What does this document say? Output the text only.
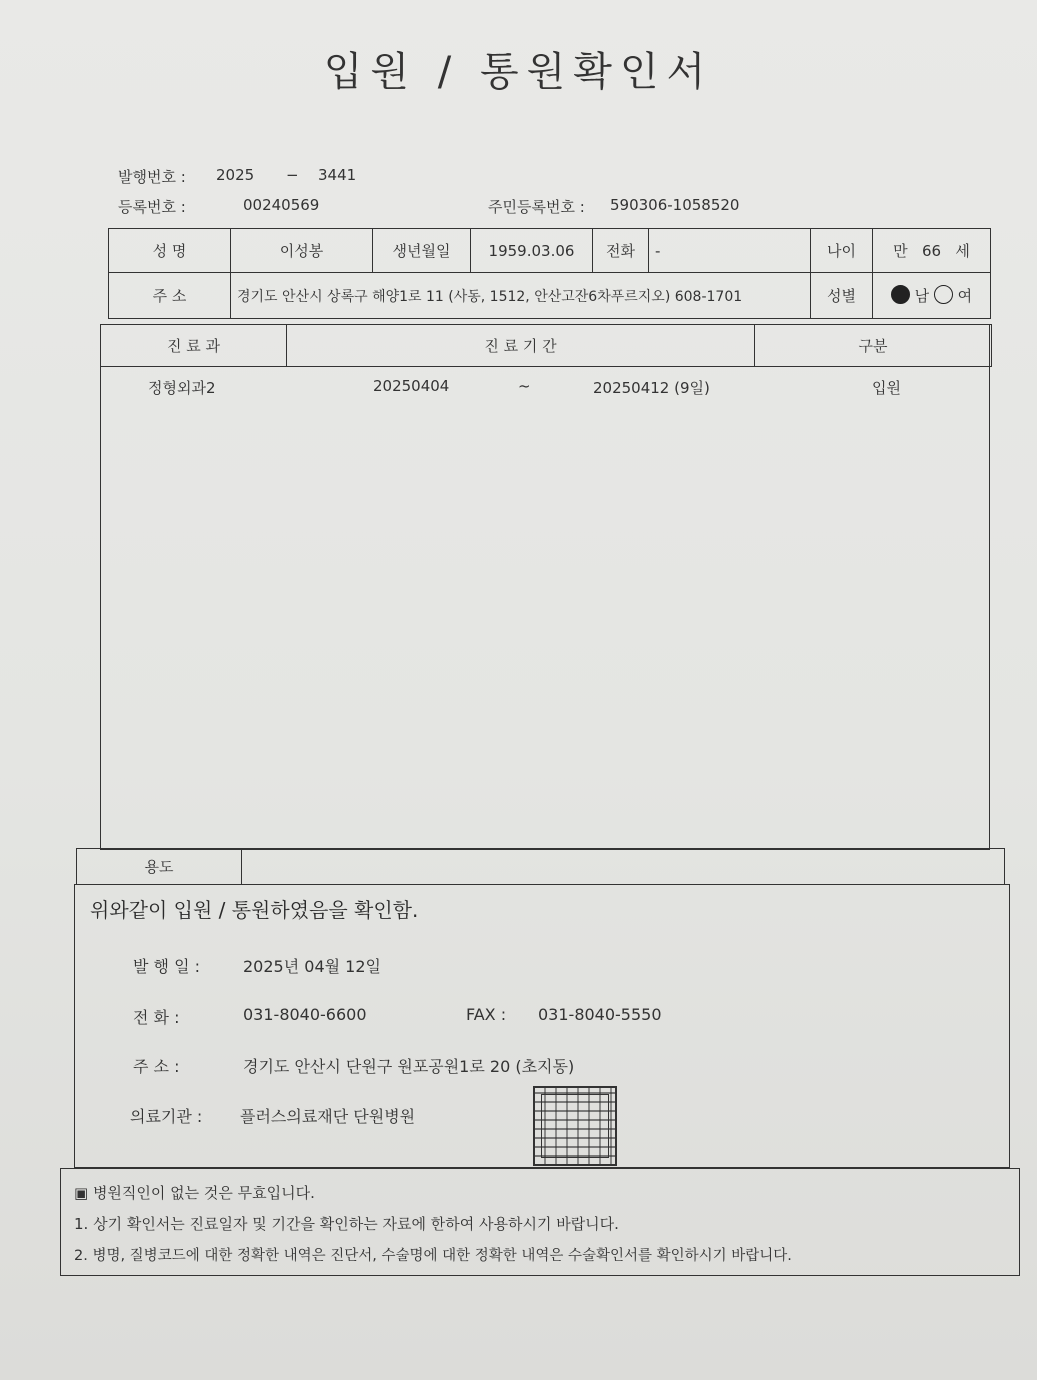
입원 / 통원확인서
발행번호 : 2025 − 3441
등록번호 :	00240569	주민등록번호 : 590306-1058520
성 명	이성봉	생년월일	1959.03.06	전화	-	나이	만 66 세
주 소	경기도 안산시 상록구 해양1로 11 (사동, 1512, 안산고잔6차푸르지오) 608-1701					성별	남 여
진 료 과	진 료 기 간	구분
정형외과2	20250404	~	20250412 (9일)	입원
용도	
위와같이 입원 / 통원하였음을 확인함.
발 행 일 :	2025년 04월 12일
전 화 :	031-8040-6600	FAX : 031-8040-5550
주 소 :	경기도 안산시 단원구 원포공원1로 20 (초지동)
의료기관 : 플러스의료재단 단원병원
▣ 병원직인이 없는 것은 무효입니다.
1. 상기 확인서는 진료일자 및 기간을 확인하는 자료에 한하여 사용하시기 바랍니다.
2. 병명, 질병코드에 대한 정확한 내역은 진단서, 수술명에 대한 정확한 내역은 수술확인서를 확인하시기 바랍니다.
